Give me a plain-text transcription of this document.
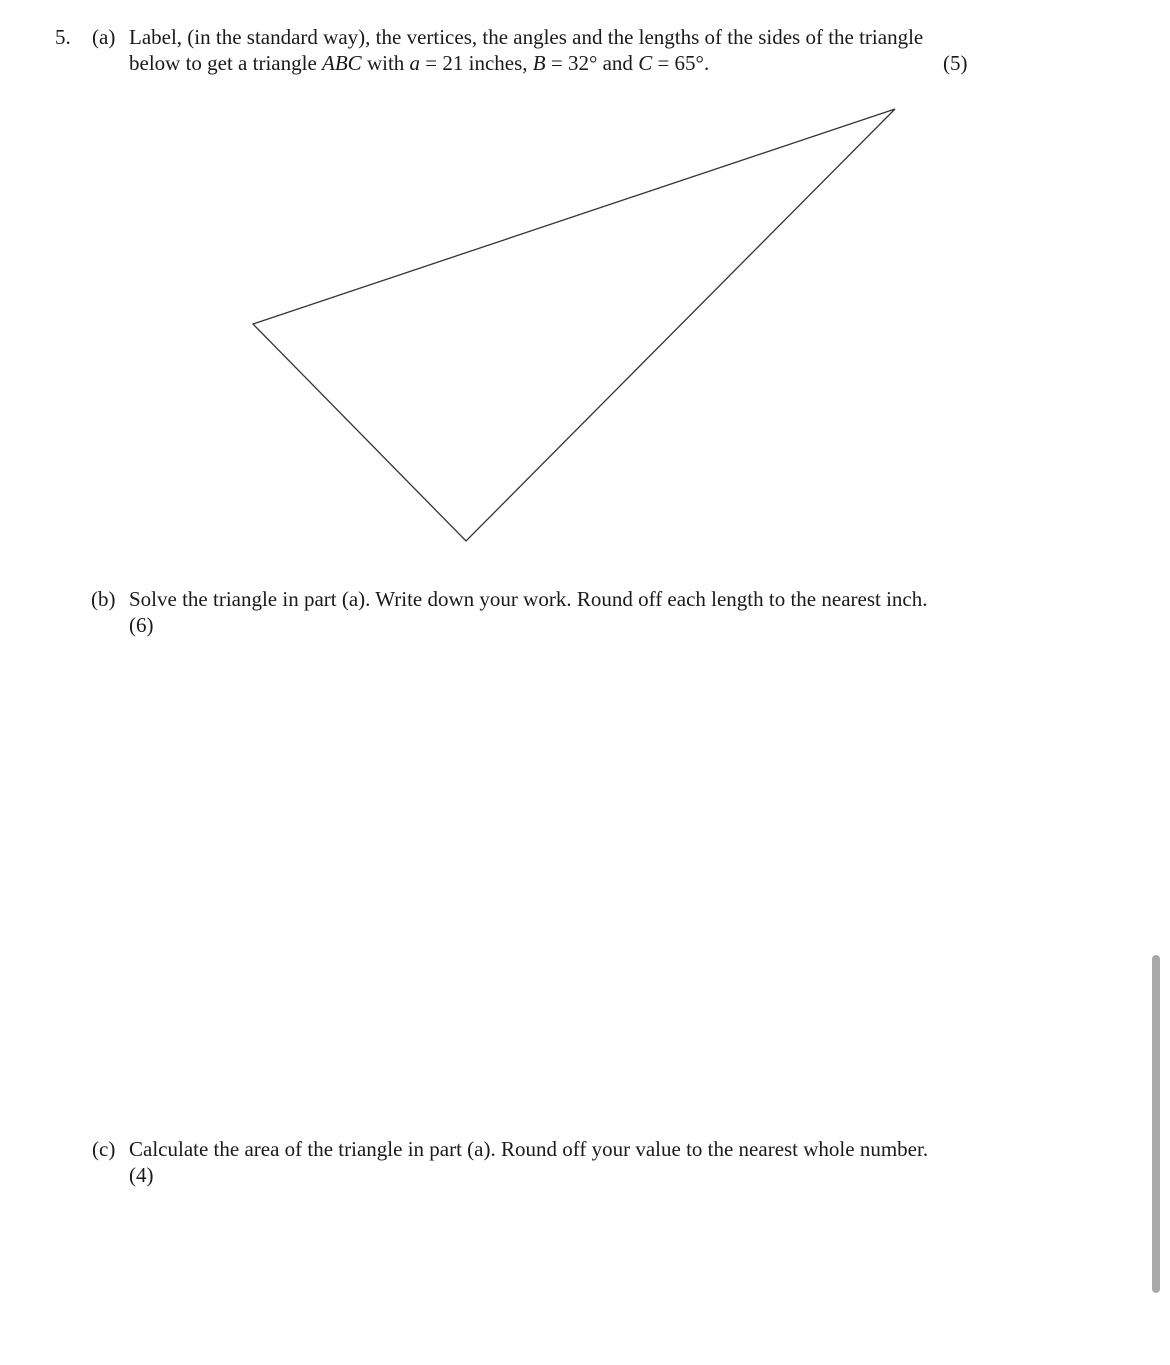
5. (a) Label, (in the standard way), the vertices, the angles and the lengths of the sides of the triangle
below to get a triangle ABC with a = 21 inches, B = 32° and C = 65°.	(5)
(b) Solve the triangle in part (a). Write down your work. Round off each length to the nearest inch.
(6)
(c) Calculate the area of the triangle in part (a). Round off your value to the nearest whole number.
(4)
